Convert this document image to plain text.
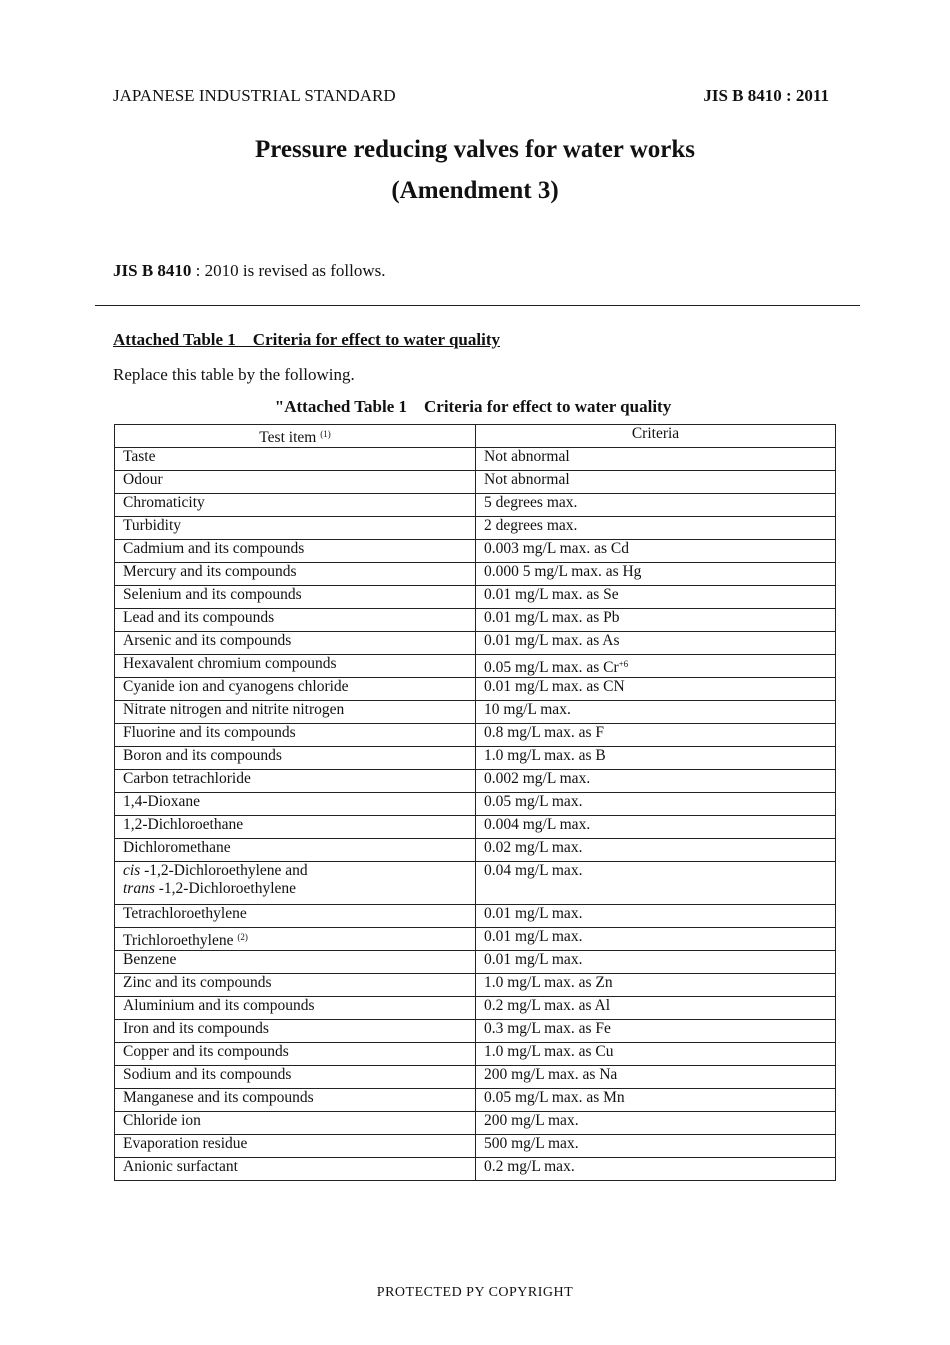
JAPANESE INDUSTRIAL STANDARD	JIS B 8410 : 2011
Pressure reducing valves for water works
(Amendment 3)
JIS B 8410 : 2010 is revised as follows.
Attached Table 1    Criteria for effect to water quality
Replace this table by the following.
"Attached Table 1    Criteria for effect to water quality
Test item $^{(1)}$	Criteria
Taste	Not abnormal
Odour	Not abnormal
Chromaticity	5 degrees max.
Turbidity	2 degrees max.
Cadmium and its compounds	0.003 mg/L max. as Cd
Mercury and its compounds	0.000 5 mg/L max. as Hg
Selenium and its compounds	0.01 mg/L max. as Se
Lead and its compounds	0.01 mg/L max. as Pb
Arsenic and its compounds	0.01 mg/L max. as As
Hexavalent chromium compounds	0.05 mg/L max. as $Cr^{+6}$
Cyanide ion and cyanogens chloride	0.01 mg/L max. as CN
Nitrate nitrogen and nitrite nitrogen	10 mg/L max.
Fluorine and its compounds	0.8 mg/L max. as F
Boron and its compounds	1.0 mg/L max. as B
Carbon tetrachloride	0.002 mg/L max.
1,4-Dioxane	0.05 mg/L max.
1,2-Dichloroethane	0.004 mg/L max.
Dichloromethane	0.02 mg/L max.
cis -1,2-Dichloroethylene and
trans -1,2-Dichloroethylene	0.04 mg/L max.
Tetrachloroethylene	0.01 mg/L max.
Trichloroethylene $^{(2)}$	0.01 mg/L max.
Benzene	0.01 mg/L max.
Zinc and its compounds	1.0 mg/L max. as Zn
Aluminium and its compounds	0.2 mg/L max. as Al
Iron and its compounds	0.3 mg/L max. as Fe
Copper and its compounds	1.0 mg/L max. as Cu
Sodium and its compounds	200 mg/L max. as Na
Manganese and its compounds	0.05 mg/L max. as Mn
Chloride ion	200 mg/L max.
Evaporation residue	500 mg/L max.
Anionic surfactant	0.2 mg/L max.
PROTECTED PY COPYRIGHT
